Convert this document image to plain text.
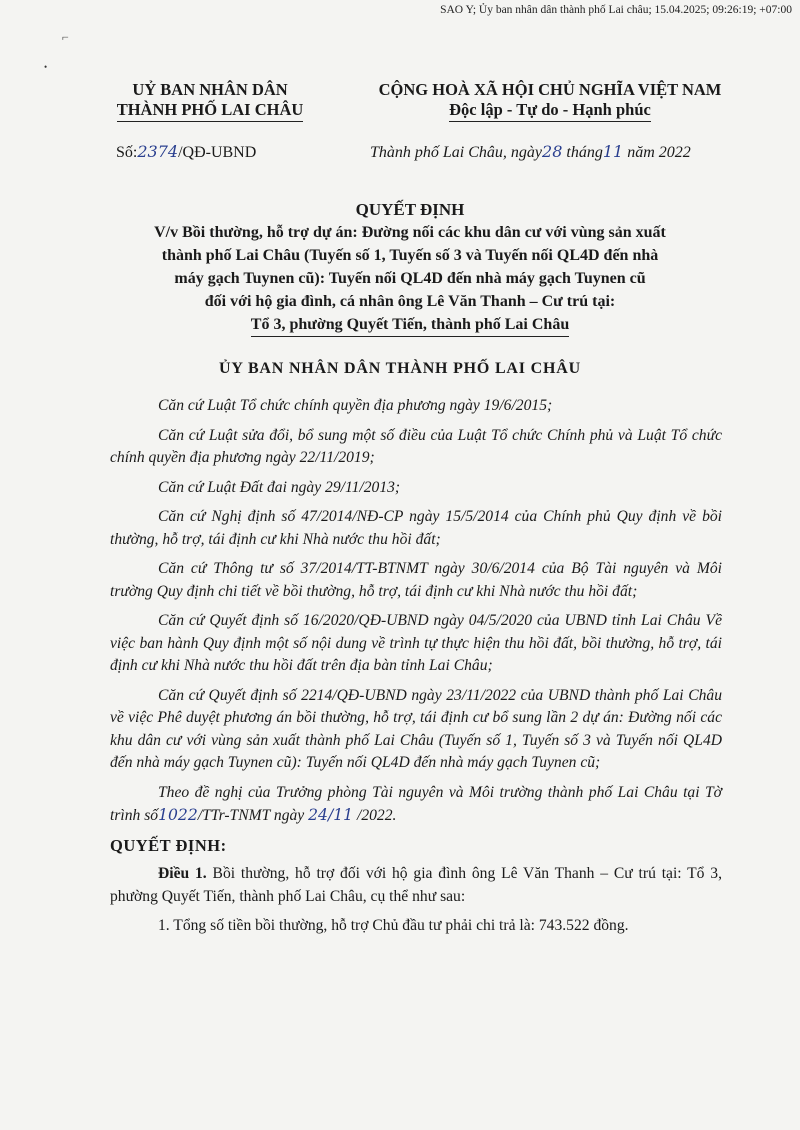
SAO Y; Ủy ban nhân dân thành phố Lai châu; 15.04.2025; 09:26:19; +07:00
⌐
•
UỶ BAN NHÂN DÂN
THÀNH PHỐ LAI CHÂU
CỘNG HOÀ XÃ HỘI CHỦ NGHĨA VIỆT NAM
Độc lập - Tự do - Hạnh phúc
Số:2374/QĐ-UBND	Thành phố Lai Châu, ngày28 tháng11 năm 2022
QUYẾT ĐỊNH
V/v Bồi thường, hỗ trợ dự án: Đường nối các khu dân cư với vùng sản xuất
thành phố Lai Châu (Tuyến số 1, Tuyến số 3 và Tuyến nối QL4D đến nhà
máy gạch Tuynen cũ): Tuyến nối QL4D đến nhà máy gạch Tuynen cũ
đối với hộ gia đình, cá nhân ông Lê Văn Thanh – Cư trú tại:
Tổ 3, phường Quyết Tiến, thành phố Lai Châu
ỦY BAN NHÂN DÂN THÀNH PHỐ LAI CHÂU

Căn cứ Luật Tổ chức chính quyền địa phương ngày 19/6/2015;

Căn cứ Luật sửa đổi, bổ sung một số điều của Luật Tổ chức Chính phủ và Luật Tổ chức chính quyền địa phương ngày 22/11/2019;

Căn cứ Luật Đất đai ngày 29/11/2013;

Căn cứ Nghị định số 47/2014/NĐ-CP ngày 15/5/2014 của Chính phủ Quy định về bồi thường, hỗ trợ, tái định cư khi Nhà nước thu hồi đất;

Căn cứ Thông tư số 37/2014/TT-BTNMT ngày 30/6/2014 của Bộ Tài nguyên và Môi trường Quy định chi tiết về bồi thường, hỗ trợ, tái định cư khi Nhà nước thu hồi đất;

Căn cứ Quyết định số 16/2020/QĐ-UBND ngày 04/5/2020 của UBND tỉnh Lai Châu Về việc ban hành Quy định một số nội dung về trình tự thực hiện thu hồi đất, bồi thường, hỗ trợ, tái định cư khi Nhà nước thu hồi đất trên địa bàn tỉnh Lai Châu;

Căn cứ Quyết định số 2214/QĐ-UBND ngày 23/11/2022 của UBND thành phố Lai Châu về việc Phê duyệt phương án bồi thường, hỗ trợ, tái định cư bổ sung lần 2 dự án: Đường nối các khu dân cư với vùng sản xuất thành phố Lai Châu (Tuyến số 1, Tuyến số 3 và Tuyến nối QL4D đến nhà máy gạch Tuynen cũ): Tuyến nối QL4D đến nhà máy gạch Tuynen cũ;

Theo đề nghị của Trưởng phòng Tài nguyên và Môi trường thành phố Lai Châu tại Tờ trình số1022/TTr-TNMT ngày 24/11 /2022.

QUYẾT ĐỊNH:

Điều 1. Bồi thường, hỗ trợ đối với hộ gia đình ông Lê Văn Thanh – Cư trú tại: Tổ 3, phường Quyết Tiến, thành phố Lai Châu, cụ thể như sau:

1. Tổng số tiền bồi thường, hỗ trợ Chủ đầu tư phải chi trả là: 743.522 đồng.
